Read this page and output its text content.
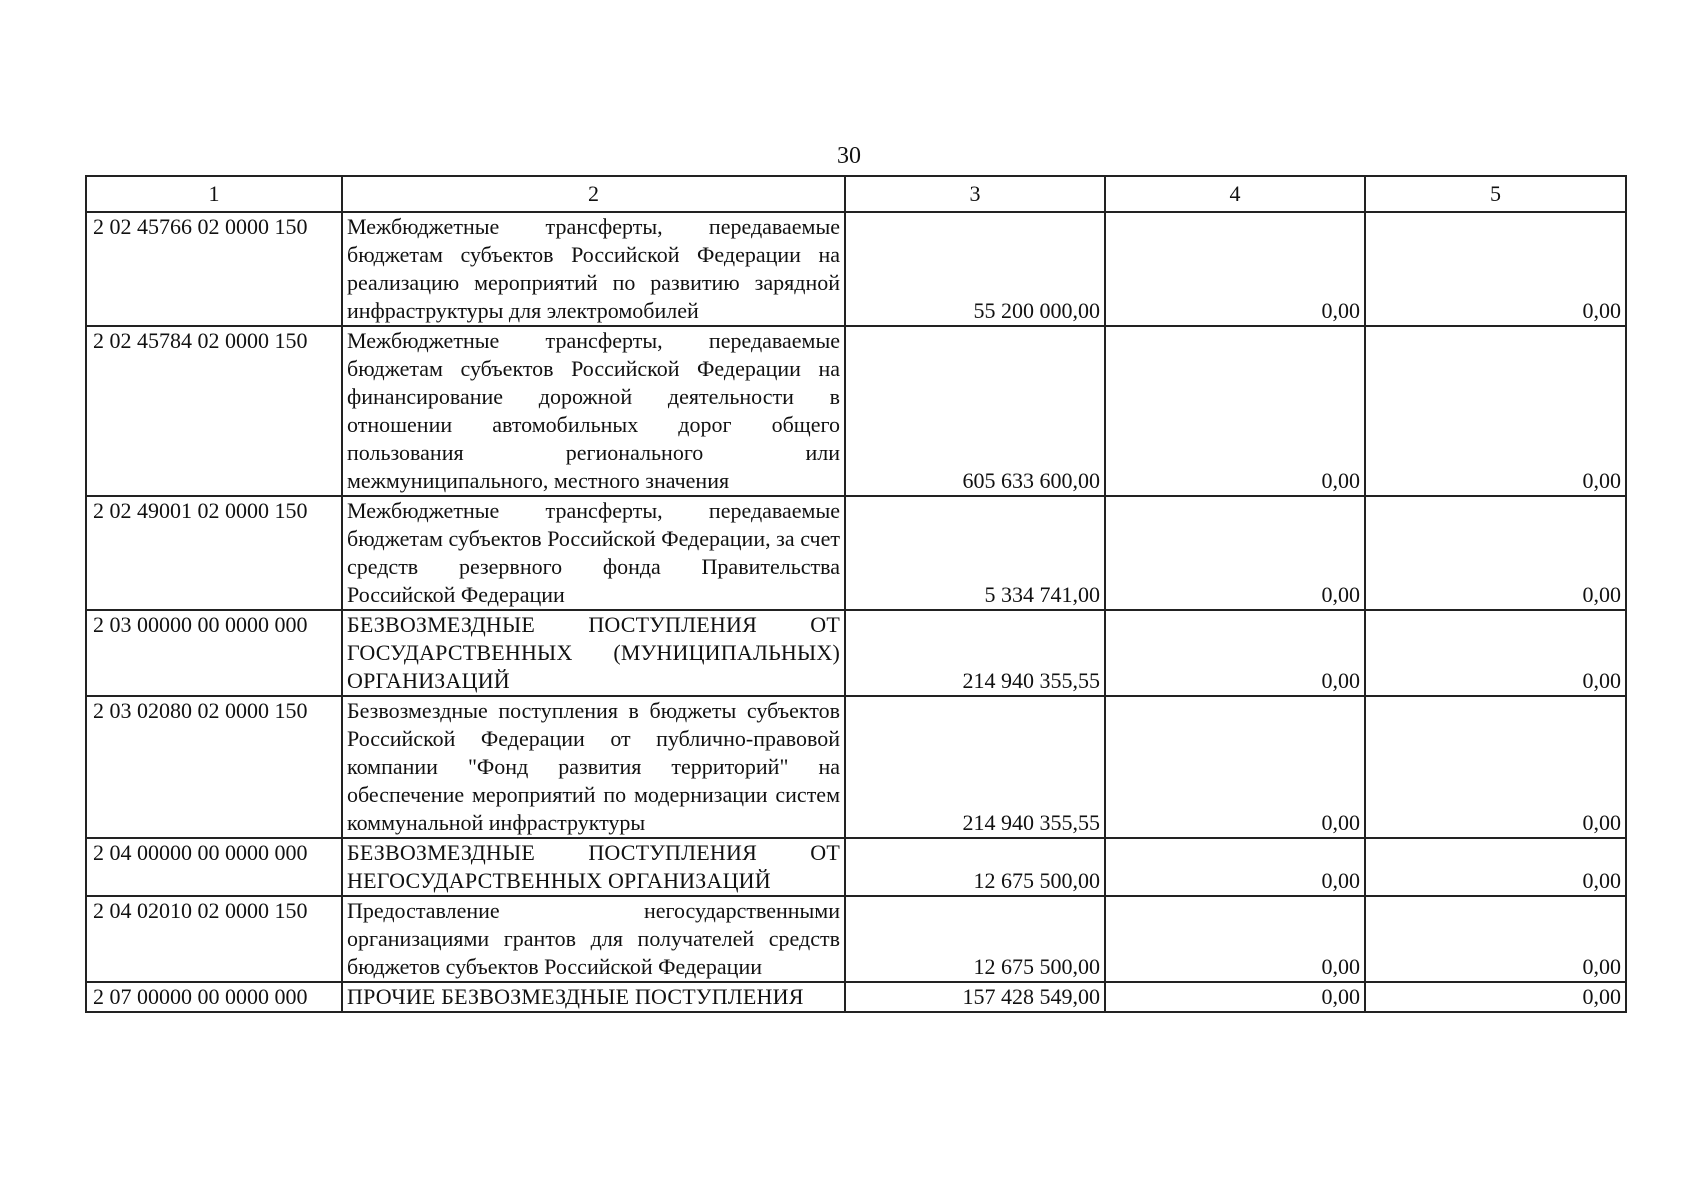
30
1	2	3	4	5
2 02 45766 02 0000 150	Межбюджетные трансферты, передаваемые бюджетам субъектов Российской Федерации на реализацию мероприятий по развитию зарядной инфраструктуры для электромобилей	55 200 000,00	0,00	0,00
2 02 45784 02 0000 150	Межбюджетные трансферты, передаваемые бюджетам субъектов Российской Федерации на финансирование дорожной деятельности в отношении автомобильных дорог общего пользования регионального или межмуниципального, местного значения	605 633 600,00	0,00	0,00
2 02 49001 02 0000 150	Межбюджетные трансферты, передаваемые бюджетам субъектов Российской Федерации, за счет средств резервного фонда Правительства Российской Федерации	5 334 741,00	0,00	0,00
2 03 00000 00 0000 000	БЕЗВОЗМЕЗДНЫЕ ПОСТУПЛЕНИЯ ОТ ГОСУДАРСТВЕННЫХ (МУНИЦИПАЛЬНЫХ) ОРГАНИЗАЦИЙ	214 940 355,55	0,00	0,00
2 03 02080 02 0000 150	Безвозмездные поступления в бюджеты субъектов Российской Федерации от публично-правовой компании "Фонд развития территорий" на обеспечение мероприятий по модернизации систем коммунальной инфраструктуры	214 940 355,55	0,00	0,00
2 04 00000 00 0000 000	БЕЗВОЗМЕЗДНЫЕ ПОСТУПЛЕНИЯ ОТ НЕГОСУДАРСТВЕННЫХ ОРГАНИЗАЦИЙ	12 675 500,00	0,00	0,00
2 04 02010 02 0000 150	Предоставление негосударственными организациями грантов для получателей средств бюджетов субъектов Российской Федерации	12 675 500,00	0,00	0,00
2 07 00000 00 0000 000	ПРОЧИЕ БЕЗВОЗМЕЗДНЫЕ ПОСТУПЛЕНИЯ	157 428 549,00	0,00	0,00
